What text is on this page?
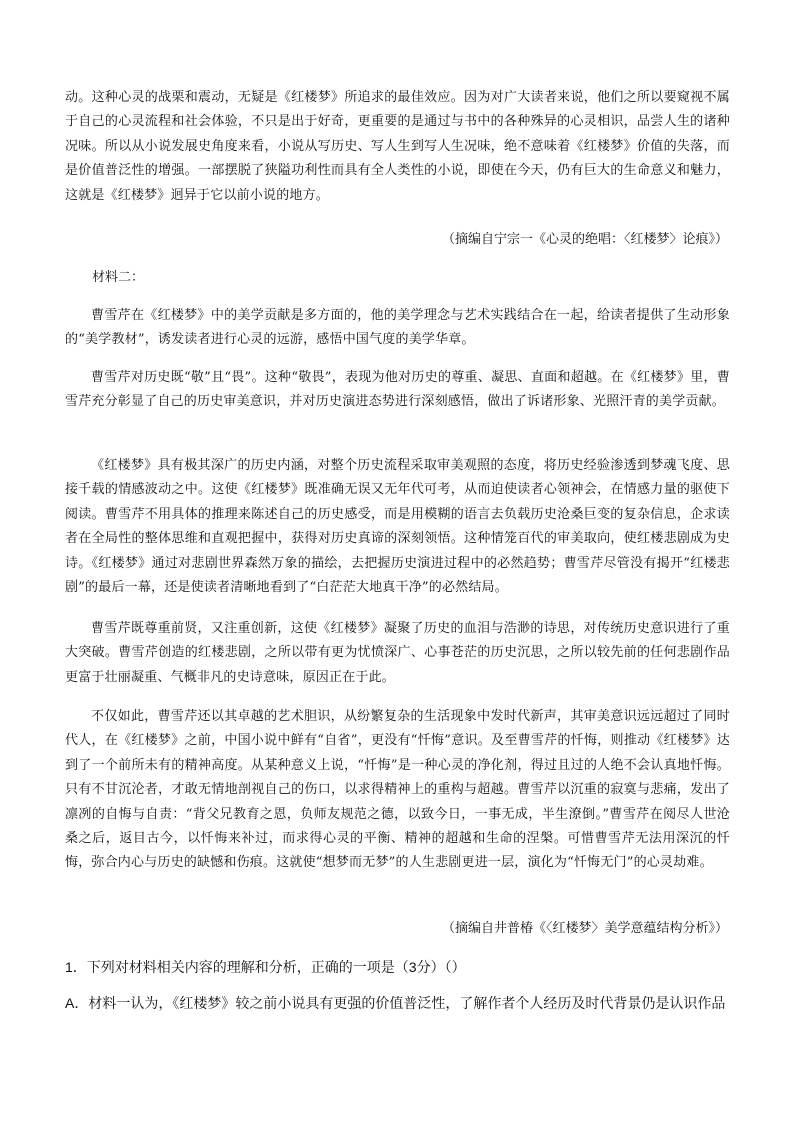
动。这种心灵的战栗和震动，无疑是《红楼梦》所追求的最佳效应。因为对广大读者来说，他们之所以要窥视不属于自己的心灵流程和社会体验，不只是出于好奇，更重要的是通过与书中的各种殊异的心灵相识，品尝人生的诸种况味。所以从小说发展史角度来看，小说从写历史、写人生到写人生况味，绝不意味着《红楼梦》价值的失落，而是价值普泛性的增强。一部摆脱了狭隘功利性而具有全人类性的小说，即使在今天，仍有巨大的生命意义和魅力，这就是《红楼梦》迥异于它以前小说的地方。

（摘编自宁宗一《心灵的绝唱：〈红楼梦〉论痕》）

材料二：

曹雪芹在《红楼梦》中的美学贡献是多方面的，他的美学理念与艺术实践结合在一起，给读者提供了生动形象的“美学教材”，诱发读者进行心灵的远游，感悟中国气度的美学华章。

曹雪芹对历史既“敬”且“畏”。这种“敬畏”，表现为他对历史的尊重、凝思、直面和超越。在《红楼梦》里，曹雪芹充分彰显了自己的历史审美意识，并对历史演进态势进行深刻感悟，做出了诉诸形象、光照汗青的美学贡献。

《红楼梦》具有极其深广的历史内涵，对整个历史流程采取审美观照的态度，将历史经验渗透到梦魂飞度、思接千载的情感波动之中。这使《红楼梦》既准确无误又无年代可考，从而迫使读者心领神会，在情感力量的驱使下阅读。曹雪芹不用具体的推理来陈述自己的历史感受，而是用模糊的语言去负载历史沧桑巨变的复杂信息，企求读者在全局性的整体思维和直观把握中，获得对历史真谛的深刻领悟。这种情笼百代的审美取向，使红楼悲剧成为史诗。《红楼梦》通过对悲剧世界森然万象的描绘，去把握历史演进过程中的必然趋势；曹雪芹尽管没有揭开“红楼悲剧”的最后一幕，还是使读者清晰地看到了“白茫茫大地真干净”的必然结局。

曹雪芹既尊重前贤，又注重创新，这使《红楼梦》凝聚了历史的血泪与浩渺的诗思，对传统历史意识进行了重大突破。曹雪芹创造的红楼悲剧，之所以带有更为忧愤深广、心事苍茫的历史沉思，之所以较先前的任何悲剧作品更富于壮丽凝重、气概非凡的史诗意味，原因正在于此。

不仅如此，曹雪芹还以其卓越的艺术胆识，从纷繁复杂的生活现象中发时代新声，其审美意识远远超过了同时代人，在《红楼梦》之前，中国小说中鲜有“自省”，更没有“忏悔”意识。及至曹雪芹的忏悔，则推动《红楼梦》达到了一个前所未有的精神高度。从某种意义上说，“忏悔”是一种心灵的净化剂，得过且过的人绝不会认真地忏悔。只有不甘沉沦者，才敢无情地剖视自己的伤口，以求得精神上的重构与超越。曹雪芹以沉重的寂寞与悲痛，发出了凛冽的自悔与自责：“背父兄教育之恩，负师友规范之德，以致今日，一事无成，半生潦倒。”曹雪芹在阅尽人世沧桑之后，返目古今，以忏悔来补过，而求得心灵的平衡、精神的超越和生命的涅槃。可惜曹雪芹无法用深沉的忏悔，弥合内心与历史的缺憾和伤痕。这就使“想梦而无梦”的人生悲剧更进一层，演化为“忏悔无门”的心灵劫难。

（摘编自井普椿《〈红楼梦〉美学意蕴结构分析》）

1．下列对材料相关内容的理解和分析，正确的一项是（3分）（）

A．材料一认为，《红楼梦》较之前小说具有更强的价值普泛性，了解作者个人经历及时代背景仍是认识作品
